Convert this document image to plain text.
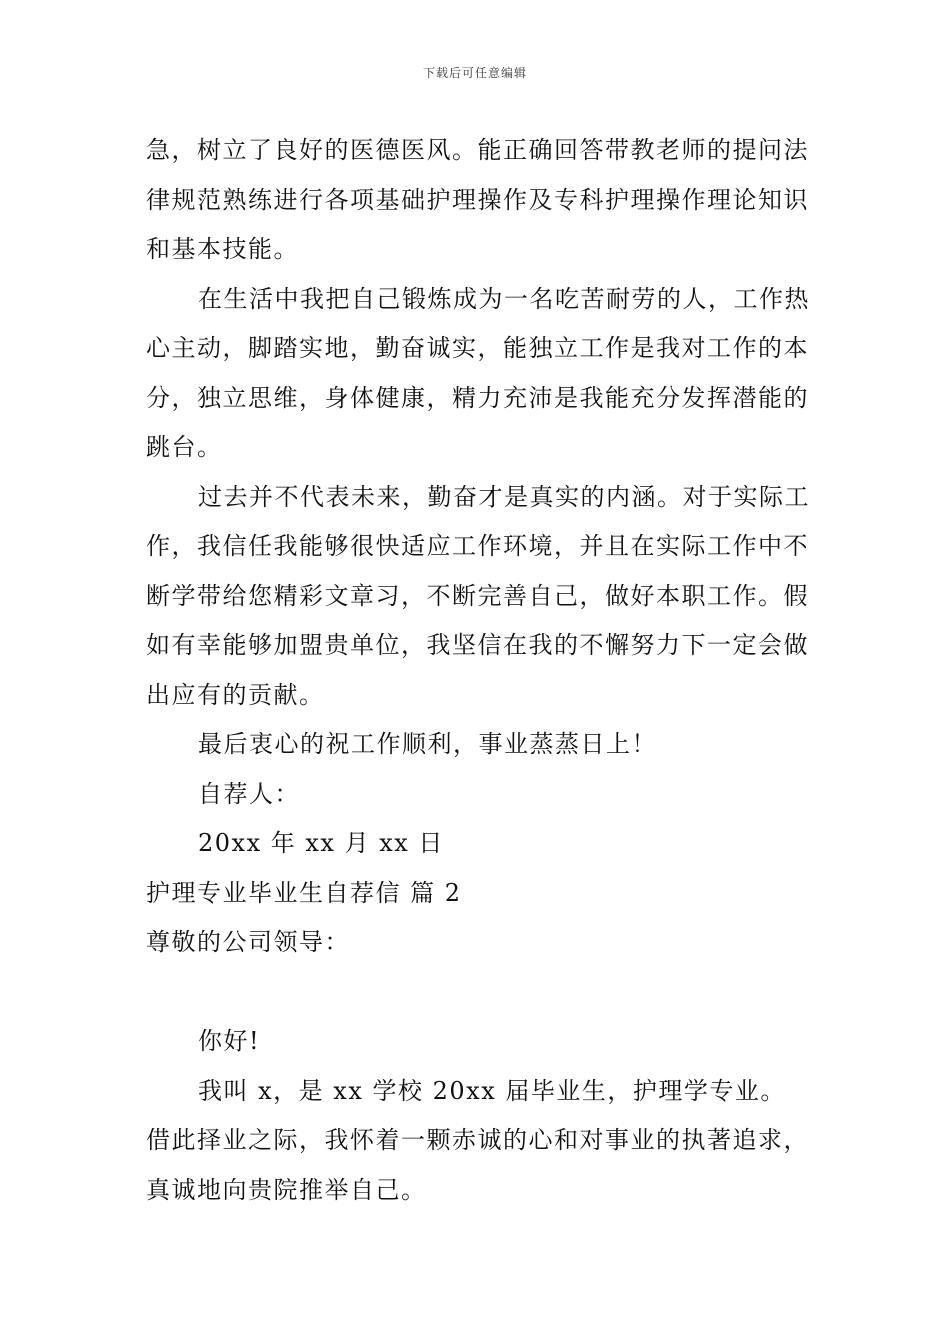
下载后可任意编辑

急，树立了良好的医德医风。能正确回答带教老师的提问法律规范熟练进行各项基础护理操作及专科护理操作理论知识和基本技能。

在生活中我把自己锻炼成为一名吃苦耐劳的人，工作热心主动，脚踏实地，勤奋诚实，能独立工作是我对工作的本分，独立思维，身体健康，精力充沛是我能充分发挥潜能的跳台。

过去并不代表未来，勤奋才是真实的内涵。对于实际工作，我信任我能够很快适应工作环境，并且在实际工作中不断学带给您精彩文章习，不断完善自己，做好本职工作。假如有幸能够加盟贵单位，我坚信在我的不懈努力下一定会做出应有的贡献。

最后衷心的祝工作顺利，事业蒸蒸日上！

自荐人：

20xx 年 xx 月 xx 日

护理专业毕业生自荐信 篇 2

尊敬的公司领导：

你好!

我叫 x，是 xx 学校 20xx 届毕业生，护理学专业。借此择业之际，我怀着一颗赤诚的心和对事业的执著追求，真诚地向贵院推举自己。
